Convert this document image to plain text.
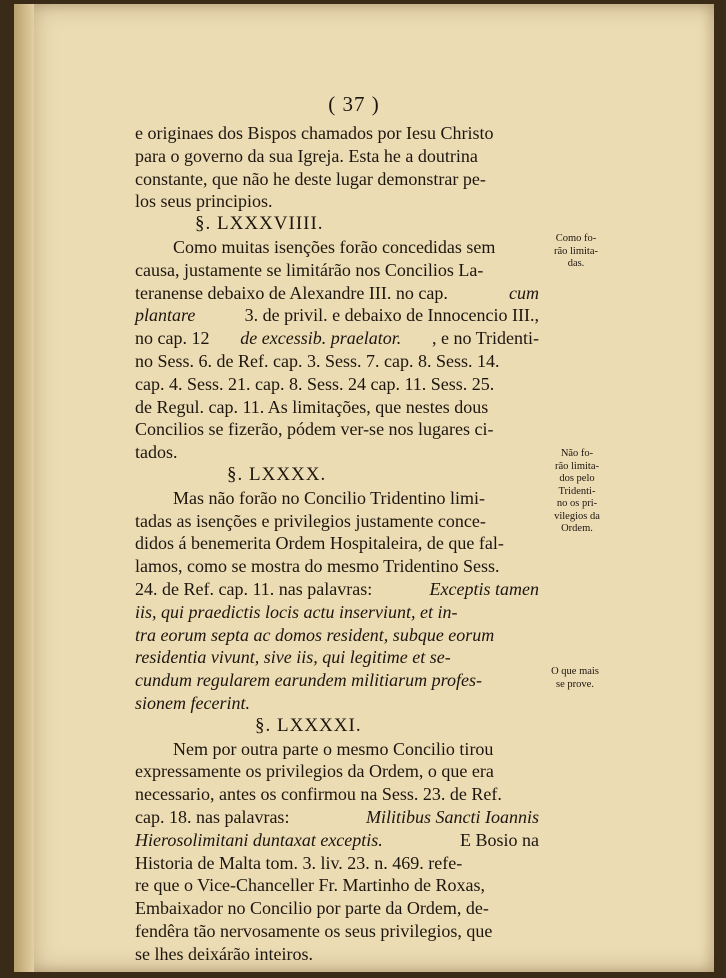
( 37 )
e originaes dos Bispos chamados por Iesu Christo
para o governo da sua Igreja. Esta he a doutrina
constante, que não he deste lugar demonstrar pe-
los seus principios.
§. LXXXVIIII.
Como muitas isenções forão concedidas sem
causa, justamente se limitárão nos Concilios La-
teranense debaixo de Alexandre III. no cap.	cum
plantare	3. de privil. e debaixo de Innocencio III.,
no cap. 12 de excessib. praelator. , e no Tridenti-
no Sess. 6. de Ref. cap. 3. Sess. 7. cap. 8. Sess. 14.
cap. 4. Sess. 21. cap. 8. Sess. 24 cap. 11. Sess. 25.
de Regul. cap. 11. As limitações, que nestes dous
Concilios se fizerão, pódem ver-se nos lugares ci-
tados.
§. LXXXX.
Mas não forão no Concilio Tridentino limi-
tadas as isenções e privilegios justamente conce-
didos á benemerita Ordem Hospitaleira, de que fal-
lamos, como se mostra do mesmo Tridentino Sess.
24. de Ref. cap. 11. nas palavras:	Exceptis tamen
iis, qui praedictis locis actu inserviunt, et in-
tra eorum septa ac domos resident, subque eorum
residentia vivunt, sive iis, qui legitime et se-
cundum regularem earundem militiarum profes-
sionem fecerint.
§. LXXXXI.
Nem por outra parte o mesmo Concilio tirou
expressamente os privilegios da Ordem, o que era
necessario, antes os confirmou na Sess. 23. de Ref.
cap. 18. nas palavras:	Militibus Sancti Ioannis
Hierosolimitani duntaxat exceptis.	E Bosio na
Historia de Malta tom. 3. liv. 23. n. 469. refe-
re que o Vice-Chanceller Fr. Martinho de Roxas,
Embaixador no Concilio por parte da Ordem, de-
fendêra tão nervosamente os seus privilegios, que
se lhes deixárão inteiros.
Como fo-
rão limita-
das.
Não fo-
rão limita-
dos pelo
Tridenti-
no os pri-
vilegios da
Ordem.
O que mais
se prove.
